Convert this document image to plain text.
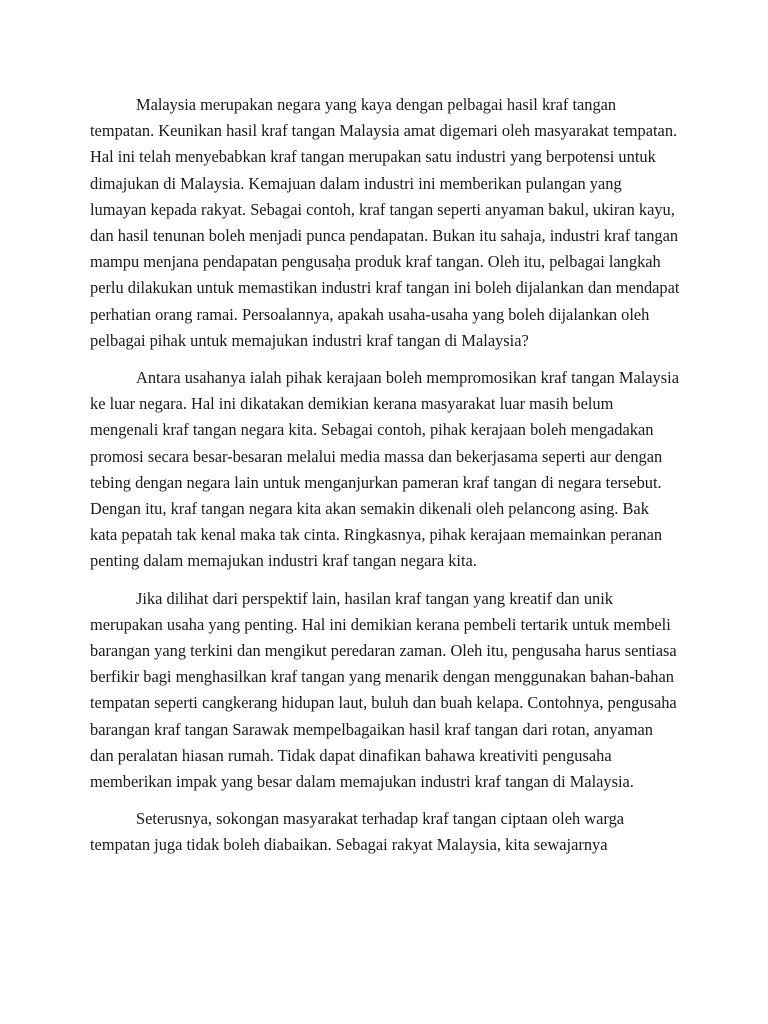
Malaysia merupakan negara yang kaya dengan pelbagai hasil kraf tangan tempatan. Keunikan hasil kraf tangan Malaysia amat digemari oleh masyarakat tempatan. Hal ini telah menyebabkan kraf tangan merupakan satu industri yang berpotensi untuk dimajukan di Malaysia. Kemajuan dalam industri ini memberikan pulangan yang lumayan kepada rakyat. Sebagai contoh, kraf tangan seperti anyaman bakul, ukiran kayu, dan hasil tenunan boleh menjadi punca pendapatan. Bukan itu sahaja, industri kraf tangan mampu menjana pendapatan pengusaḥa produk kraf tangan. Oleh itu, pelbagai langkah perlu dilakukan untuk memastikan industri kraf tangan ini boleh dijalankan dan mendapat perhatian orang ramai. Persoalannya, apakah usaha-usaha yang boleh dijalankan oleh pelbagai pihak untuk memajukan industri kraf tangan di Malaysia?

Antara usahanya ialah pihak kerajaan boleh mempromosikan kraf tangan Malaysia ke luar negara. Hal ini dikatakan demikian kerana masyarakat luar masih belum mengenali kraf tangan negara kita. Sebagai contoh, pihak kerajaan boleh mengadakan promosi secara besar-besaran melalui media massa dan bekerjasama seperti aur dengan tebing dengan negara lain untuk menganjurkan pameran kraf tangan di negara tersebut. Dengan itu, kraf tangan negara kita akan semakin dikenali oleh pelancong asing. Bak kata pepatah tak kenal maka tak cinta. Ringkasnya, pihak kerajaan memainkan peranan penting dalam memajukan industri kraf tangan negara kita.

Jika dilihat dari perspektif lain, hasilan kraf tangan yang kreatif dan unik merupakan usaha yang penting. Hal ini demikian kerana pembeli tertarik untuk membeli barangan yang terkini dan mengikut peredaran zaman. Oleh itu, pengusaha harus sentiasa berfikir bagi menghasilkan kraf tangan yang menarik dengan menggunakan bahan-bahan tempatan seperti cangkerang hidupan laut, buluh dan buah kelapa. Contohnya, pengusaha barangan kraf tangan Sarawak mempelbagaikan hasil kraf tangan dari rotan, anyaman dan peralatan hiasan rumah. Tidak dapat dinafikan bahawa kreativiti pengusaha memberikan impak yang besar dalam memajukan industri kraf tangan di Malaysia.

Seterusnya, sokongan masyarakat terhadap kraf tangan ciptaan oleh warga tempatan juga tidak boleh diabaikan. Sebagai rakyat Malaysia, kita sewajarnya
